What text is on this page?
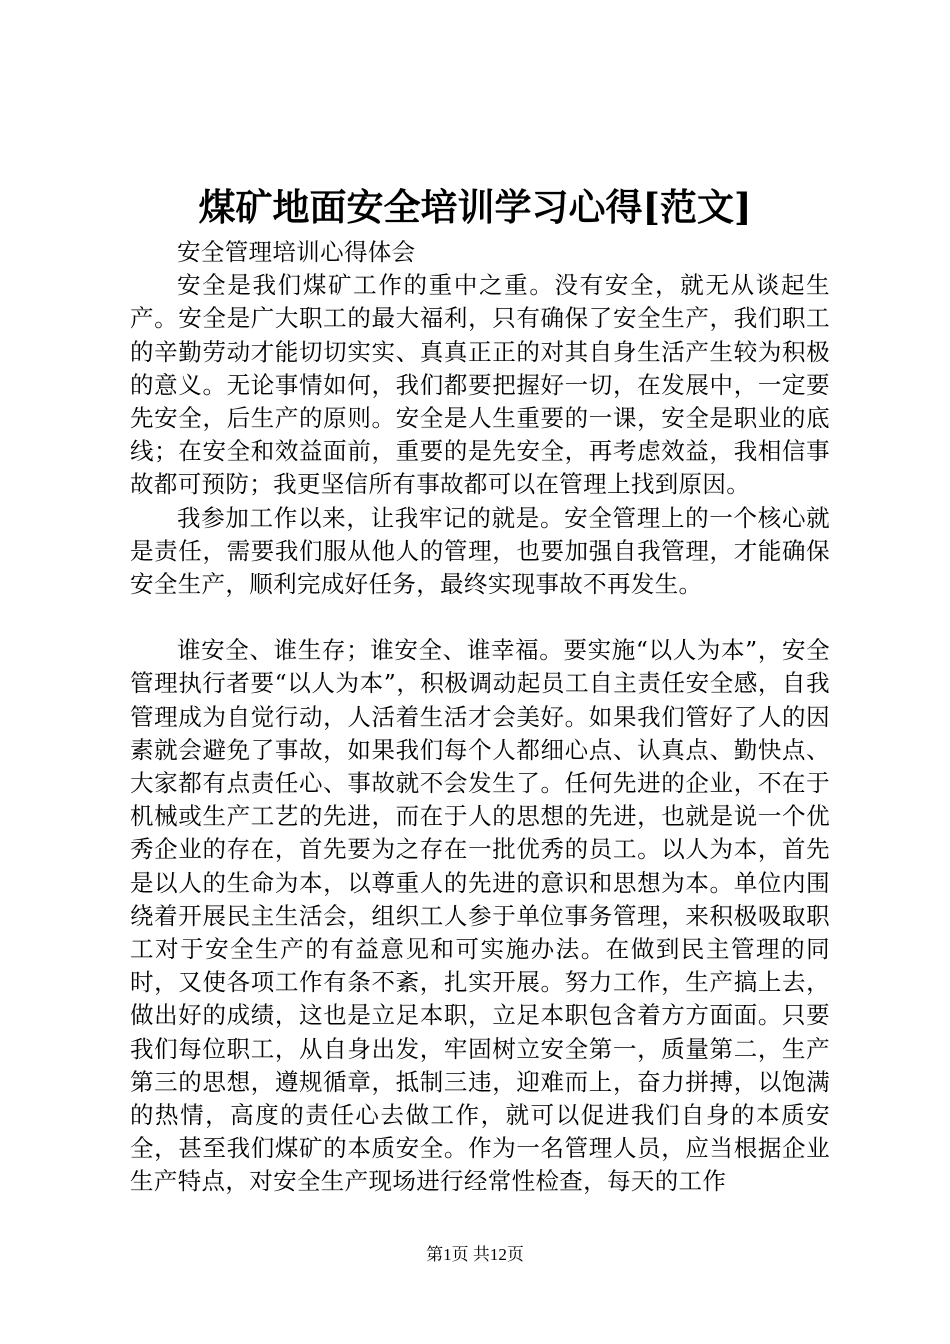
煤矿地面安全培训学习心得[范文]

安全管理培训心得体会

安全是我们煤矿工作的重中之重。没有安全，就无从谈起生产。安全是广大职工的最大福利，只有确保了安全生产，我们职工的辛勤劳动才能切切实实、真真正正的对其自身生活产生较为积极的意义。无论事情如何，我们都要把握好一切，在发展中，一定要先安全，后生产的原则。安全是人生重要的一课，安全是职业的底线；在安全和效益面前，重要的是先安全，再考虑效益，我相信事故都可预防；我更坚信所有事故都可以在管理上找到原因。

我参加工作以来，让我牢记的就是。安全管理上的一个核心就是责任，需要我们服从他人的管理，也要加强自我管理，才能确保安全生产，顺利完成好任务，最终实现事故不再发生。

谁安全、谁生存；谁安全、谁幸福。要实施“以人为本”，安全管理执行者要“以人为本”，积极调动起员工自主责任安全感，自我管理成为自觉行动，人活着生活才会美好。如果我们管好了人的因素就会避免了事故，如果我们每个人都细心点、认真点、勤快点、大家都有点责任心、事故就不会发生了。任何先进的企业，不在于机械或生产工艺的先进，而在于人的思想的先进，也就是说一个优秀企业的存在，首先要为之存在一批优秀的员工。以人为本，首先是以人的生命为本，以尊重人的先进的意识和思想为本。单位内围绕着开展民主生活会，组织工人参于单位事务管理，来积极吸取职工对于安全生产的有益意见和可实施办法。在做到民主管理的同时，又使各项工作有条不紊，扎实开展。努力工作，生产搞上去，做出好的成绩，这也是立足本职，立足本职包含着方方面面。只要我们每位职工，从自身出发，牢固树立安全第一，质量第二，生产第三的思想，遵规循章，抵制三违，迎难而上，奋力拼搏，以饱满的热情，高度的责任心去做工作，就可以促进我们自身的本质安全，甚至我们煤矿的本质安全。作为一名管理人员，应当根据企业生产特点，对安全生产现场进行经常性检查，每天的工作

第1页 共12页
